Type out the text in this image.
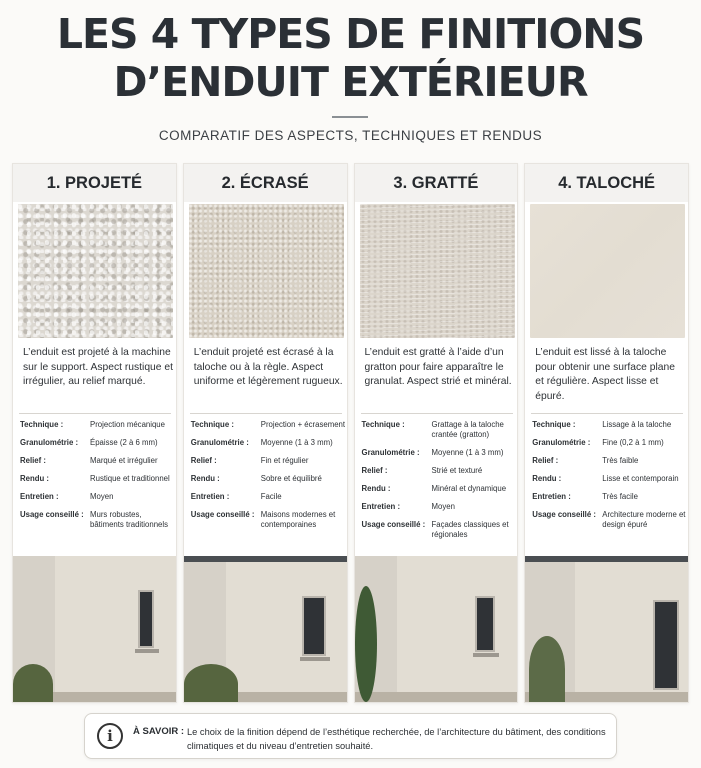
LES 4 TYPES DE FINITIONS
D’ENDUIT EXTÉRIEUR
COMPARATIF DES ASPECTS, TECHNIQUES ET RENDUS
1. PROJETÉ
L’enduit est projeté à la machine sur le support. Aspect rustique et irrégulier, au relief marqué.
Technique :	Projection mécanique
Granulométrie :	Épaisse (2 à 6 mm)
Relief :	Marqué et irrégulier
Rendu :	Rustique et traditionnel
Entretien :	Moyen
Usage conseillé : Murs robustes, bâtiments traditionnels
2. ÉCRASÉ
L’enduit projeté est écrasé à la taloche ou à la règle. Aspect uniforme et légèrement rugueux.
Technique :	Projection + écrasement
Granulométrie :	Moyenne (1 à 3 mm)
Relief :	Fin et régulier
Rendu :	Sobre et équilibré
Entretien :	Facile
Usage conseillé : Maisons modernes et contemporaines
3. GRATTÉ
L’enduit est gratté à l’aide d’un gratton pour faire apparaître le granulat. Aspect strié et minéral.
Technique :	Grattage à la taloche crantée (gratton)
Granulométrie :	Moyenne (1 à 3 mm)
Relief :	Strié et texturé
Rendu :	Minéral et dynamique
Entretien :	Moyen
Usage conseillé : Façades classiques et régionales
4. TALOCHÉ
L’enduit est lissé à la taloche pour obtenir une surface plane et régulière. Aspect lisse et épuré.
Technique :	Lissage à la taloche
Granulométrie :	Fine (0,2 à 1 mm)
Relief :	Très faible
Rendu :	Lisse et contemporain
Entretien :	Très facile
Usage conseillé : Architecture moderne et design épuré
i	À SAVOIR : Le choix de la finition dépend de l’esthétique recherchée, de l’architecture du bâtiment, des conditions climatiques et du niveau d’entretien souhaité.
